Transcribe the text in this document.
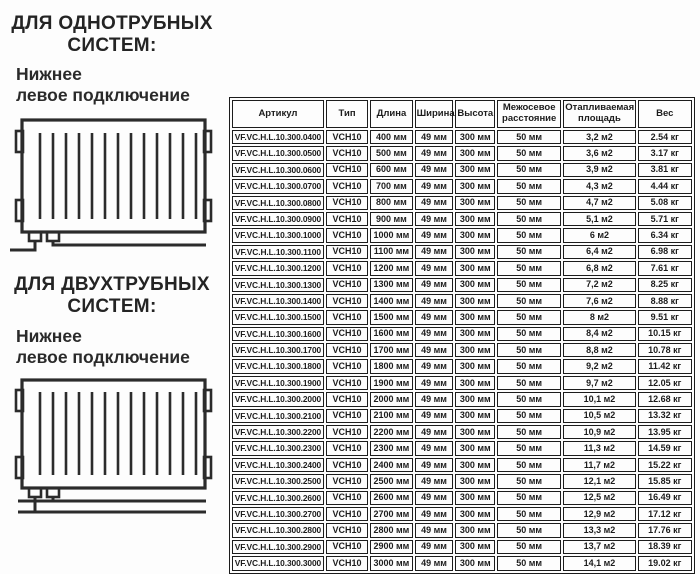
ДЛЯ ОДНОТРУБНЫХ
СИСТЕМ:
Нижнее
левое подключение
ДЛЯ ДВУХТРУБНЫХ
СИСТЕМ:
Нижнее
левое подключение
Артикул	Тип	Длина	Ширина	Высота	Межосевое расстояние	Отапливаемая площадь	Вес
VF.VC.H.L.10.300.0400	VCH10	400 мм	49 мм	300 мм	50 мм	3,2 м2	2.54 кг
VF.VC.H.L.10.300.0500	VCH10	500 мм	49 мм	300 мм	50 мм	3,6 м2	3.17 кг
VF.VC.H.L.10.300.0600	VCH10	600 мм	49 мм	300 мм	50 мм	3,9 м2	3.81 кг
VF.VC.H.L.10.300.0700	VCH10	700 мм	49 мм	300 мм	50 мм	4,3 м2	4.44 кг
VF.VC.H.L.10.300.0800	VCH10	800 мм	49 мм	300 мм	50 мм	4,7 м2	5.08 кг
VF.VC.H.L.10.300.0900	VCH10	900 мм	49 мм	300 мм	50 мм	5,1 м2	5.71 кг
VF.VC.H.L.10.300.1000	VCH10	1000 мм	49 мм	300 мм	50 мм	6 м2	6.34 кг
VF.VC.H.L.10.300.1100	VCH10	1100 мм	49 мм	300 мм	50 мм	6,4 м2	6.98 кг
VF.VC.H.L.10.300.1200	VCH10	1200 мм	49 мм	300 мм	50 мм	6,8 м2	7.61 кг
VF.VC.H.L.10.300.1300	VCH10	1300 мм	49 мм	300 мм	50 мм	7,2 м2	8.25 кг
VF.VC.H.L.10.300.1400	VCH10	1400 мм	49 мм	300 мм	50 мм	7,6 м2	8.88 кг
VF.VC.H.L.10.300.1500	VCH10	1500 мм	49 мм	300 мм	50 мм	8 м2	9.51 кг
VF.VC.H.L.10.300.1600	VCH10	1600 мм	49 мм	300 мм	50 мм	8,4 м2	10.15 кг
VF.VC.H.L.10.300.1700	VCH10	1700 мм	49 мм	300 мм	50 мм	8,8 м2	10.78 кг
VF.VC.H.L.10.300.1800	VCH10	1800 мм	49 мм	300 мм	50 мм	9,2 м2	11.42 кг
VF.VC.H.L.10.300.1900	VCH10	1900 мм	49 мм	300 мм	50 мм	9,7 м2	12.05 кг
VF.VC.H.L.10.300.2000	VCH10	2000 мм	49 мм	300 мм	50 мм	10,1 м2	12.68 кг
VF.VC.H.L.10.300.2100	VCH10	2100 мм	49 мм	300 мм	50 мм	10,5 м2	13.32 кг
VF.VC.H.L.10.300.2200	VCH10	2200 мм	49 мм	300 мм	50 мм	10,9 м2	13.95 кг
VF.VC.H.L.10.300.2300	VCH10	2300 мм	49 мм	300 мм	50 мм	11,3 м2	14.59 кг
VF.VC.H.L.10.300.2400	VCH10	2400 мм	49 мм	300 мм	50 мм	11,7 м2	15.22 кг
VF.VC.H.L.10.300.2500	VCH10	2500 мм	49 мм	300 мм	50 мм	12,1 м2	15.85 кг
VF.VC.H.L.10.300.2600	VCH10	2600 мм	49 мм	300 мм	50 мм	12,5 м2	16.49 кг
VF.VC.H.L.10.300.2700	VCH10	2700 мм	49 мм	300 мм	50 мм	12,9 м2	17.12 кг
VF.VC.H.L.10.300.2800	VCH10	2800 мм	49 мм	300 мм	50 мм	13,3 м2	17.76 кг
VF.VC.H.L.10.300.2900	VCH10	2900 мм	49 мм	300 мм	50 мм	13,7 м2	18.39 кг
VF.VC.H.L.10.300.3000	VCH10	3000 мм	49 мм	300 мм	50 мм	14,1 м2	19.02 кг
